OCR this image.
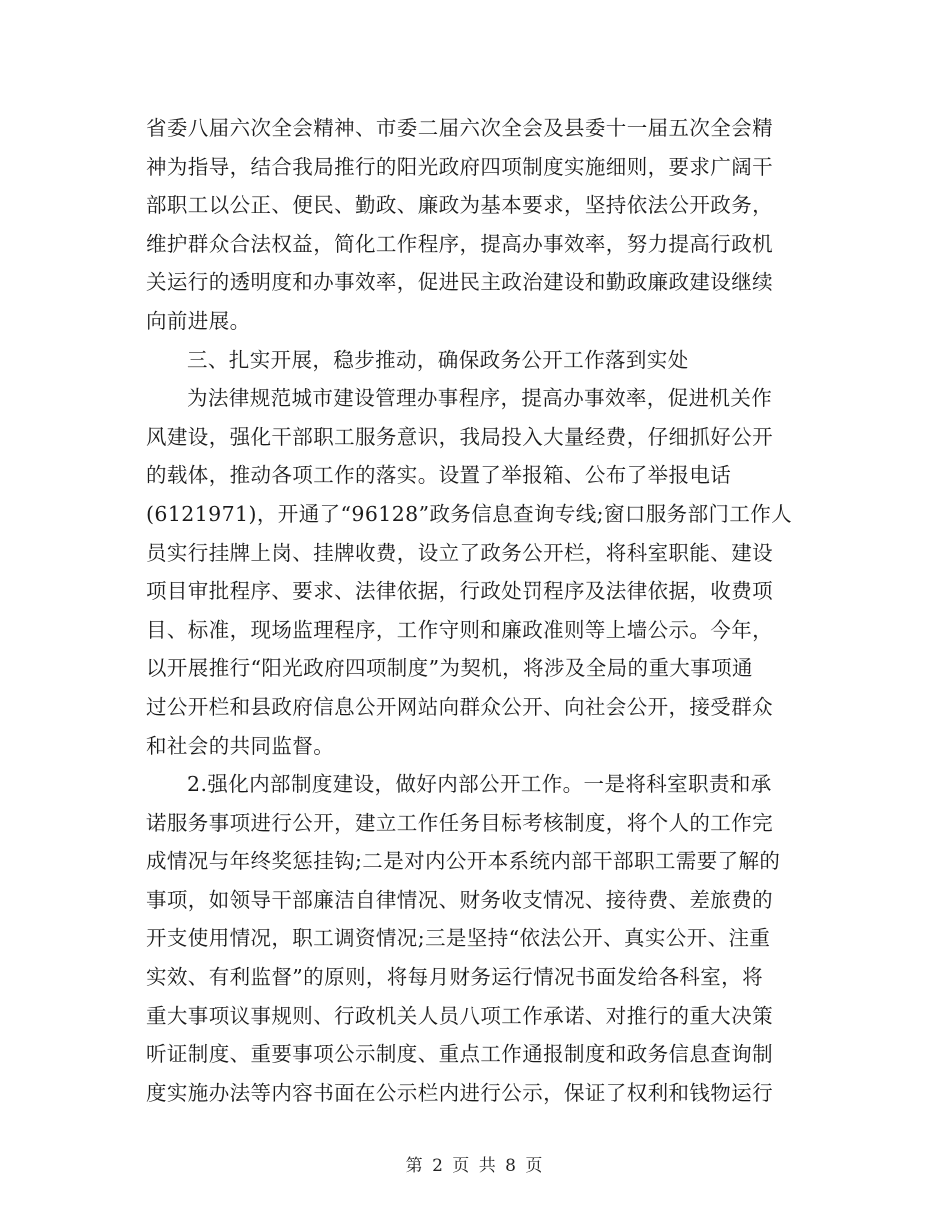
省委八届六次全会精神、市委二届六次全会及县委十一届五次全会精
神为指导，结合我局推行的阳光政府四项制度实施细则，要求广阔干
部职工以公正、便民、勤政、廉政为基本要求，坚持依法公开政务，
维护群众合法权益，简化工作程序，提高办事效率，努力提高行政机
关运行的透明度和办事效率，促进民主政治建设和勤政廉政建设继续
向前进展。
三、扎实开展，稳步推动，确保政务公开工作落到实处
为法律规范城市建设管理办事程序，提高办事效率，促进机关作
风建设，强化干部职工服务意识，我局投入大量经费，仔细抓好公开
的载体，推动各项工作的落实。设置了举报箱、公布了举报电话
(6121971)，开通了“96128”政务信息查询专线;窗口服务部门工作人
员实行挂牌上岗、挂牌收费，设立了政务公开栏，将科室职能、建设
项目审批程序、要求、法律依据，行政处罚程序及法律依据，收费项
目、标准，现场监理程序，工作守则和廉政准则等上墙公示。今年，
以开展推行“阳光政府四项制度”为契机，将涉及全局的重大事项通
过公开栏和县政府信息公开网站向群众公开、向社会公开，接受群众
和社会的共同监督。
2.强化内部制度建设，做好内部公开工作。一是将科室职责和承
诺服务事项进行公开，建立工作任务目标考核制度，将个人的工作完
成情况与年终奖惩挂钩;二是对内公开本系统内部干部职工需要了解的
事项，如领导干部廉洁自律情况、财务收支情况、接待费、差旅费的
开支使用情况，职工调资情况;三是坚持“依法公开、真实公开、注重
实效、有利监督”的原则，将每月财务运行情况书面发给各科室，将
重大事项议事规则、行政机关人员八项工作承诺、对推行的重大决策
听证制度、重要事项公示制度、重点工作通报制度和政务信息查询制
度实施办法等内容书面在公示栏内进行公示，保证了权利和钱物运行
第 2 页 共 8 页
